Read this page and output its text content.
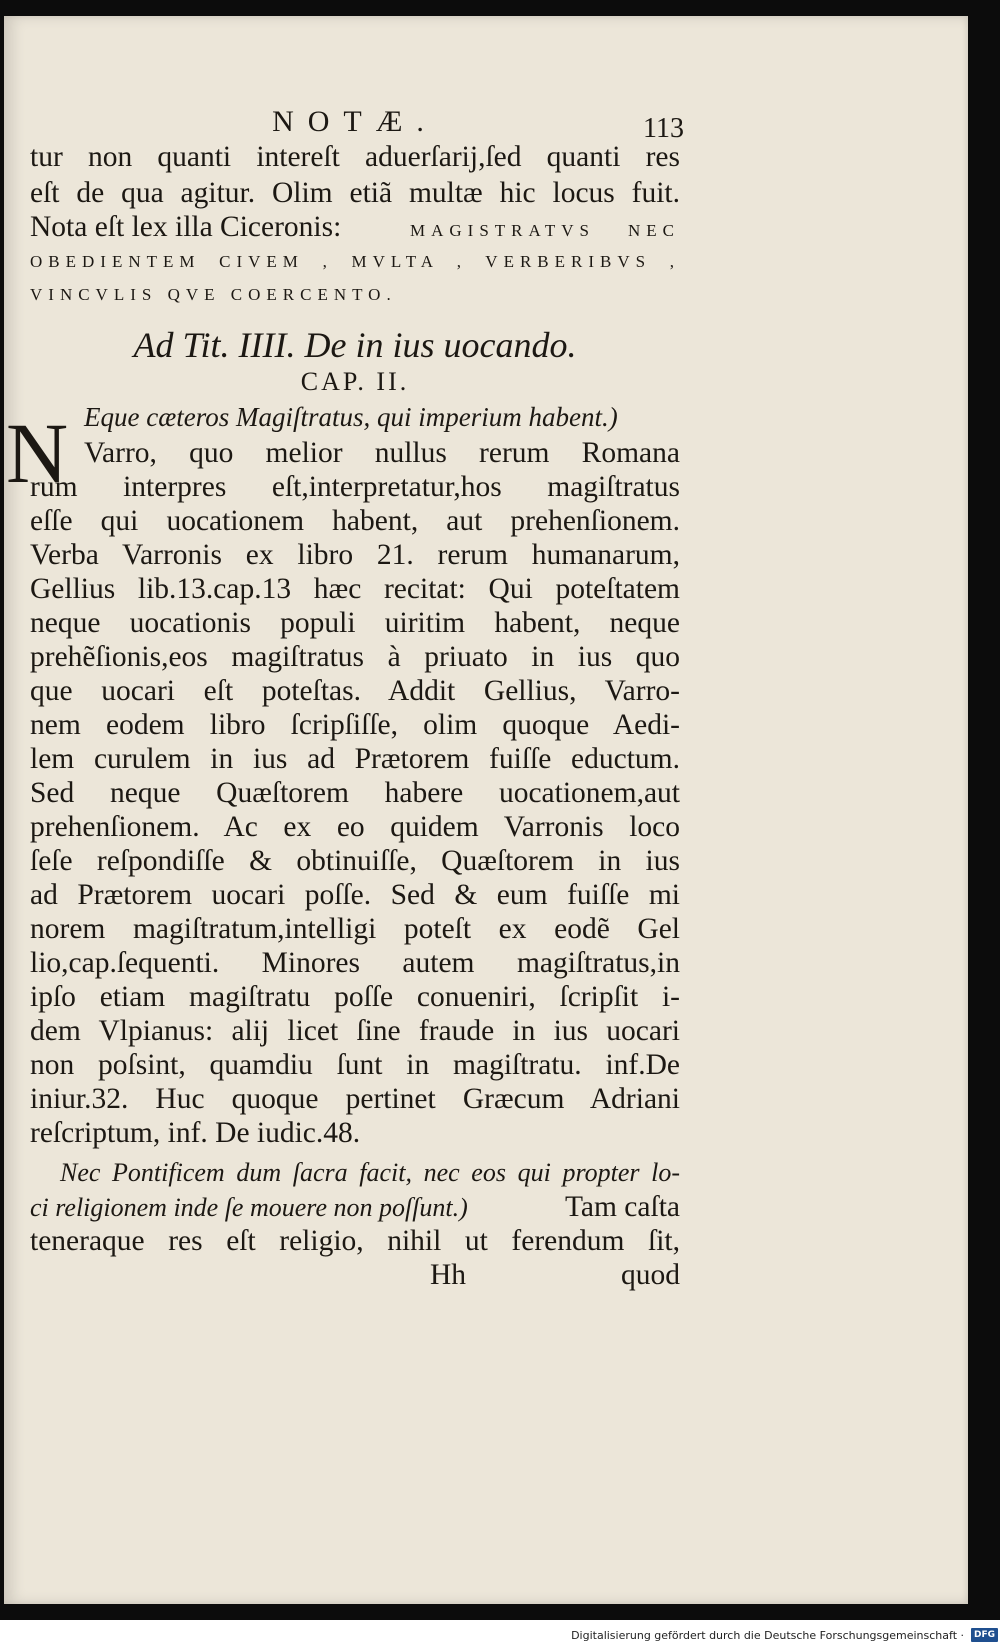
NOTÆ.	113
tur non quanti intereſt aduerſarij,ſed quanti res
eſt de qua agitur. Olim etiã multæ hic locus fuit.
Nota eſt lex illa Ciceronis:	MAGISTRATVS NEC
OBEDIENTEM CIVEM , MVLTA , VERBERIBVS ,
VINCVLIS QVE COERCENTO.
Ad Tit. IIII. De in ius uocando.
CAP. II.
Eque cæteros Magiſtratus, qui imperium habent.)
Varro, quo melior nullus rerum Romana
rum interpres eſt,interpretatur,hos magiſtratus
eſſe qui uocationem habent, aut prehenſionem.
Verba Varronis ex libro 21. rerum humanarum,
Gellius lib.13.cap.13 hæc recitat: Qui poteſtatem
neque uocationis populi uiritim habent, neque
prehẽſionis,eos magiſtratus à priuato in ius quo
que uocari eſt poteſtas. Addit Gellius, Varro-
nem eodem libro ſcripſiſſe, olim quoque Aedi-
lem curulem in ius ad Prætorem fuiſſe eductum.
Sed neque Quæſtorem habere uocationem,aut
prehenſionem. Ac ex eo quidem Varronis loco
ſeſe reſpondiſſe & obtinuiſſe, Quæſtorem in ius
ad Prætorem uocari poſſe. Sed & eum fuiſſe mi
norem magiſtratum,intelligi poteſt ex eodẽ Gel
lio,cap.ſequenti. Minores autem magiſtratus,in
ipſo etiam magiſtratu poſſe conueniri, ſcripſit i-
dem Vlpianus: alij licet ſine fraude in ius uocari
non poſsint, quamdiu ſunt in magiſtratu. inf.De
iniur.32. Huc quoque pertinet Græcum Adriani
reſcriptum, inf. De iudic.48.
Nec Pontificem dum ſacra facit, nec eos qui propter lo-
ci religionem inde ſe mouere non poſſunt.)	Tam caſta
teneraque res eſt religio, nihil ut ferendum ſit,
Hh	quod
N
Digitalisierung gefördert durch die Deutsche Forschungsgemeinschaft ·	DFG
